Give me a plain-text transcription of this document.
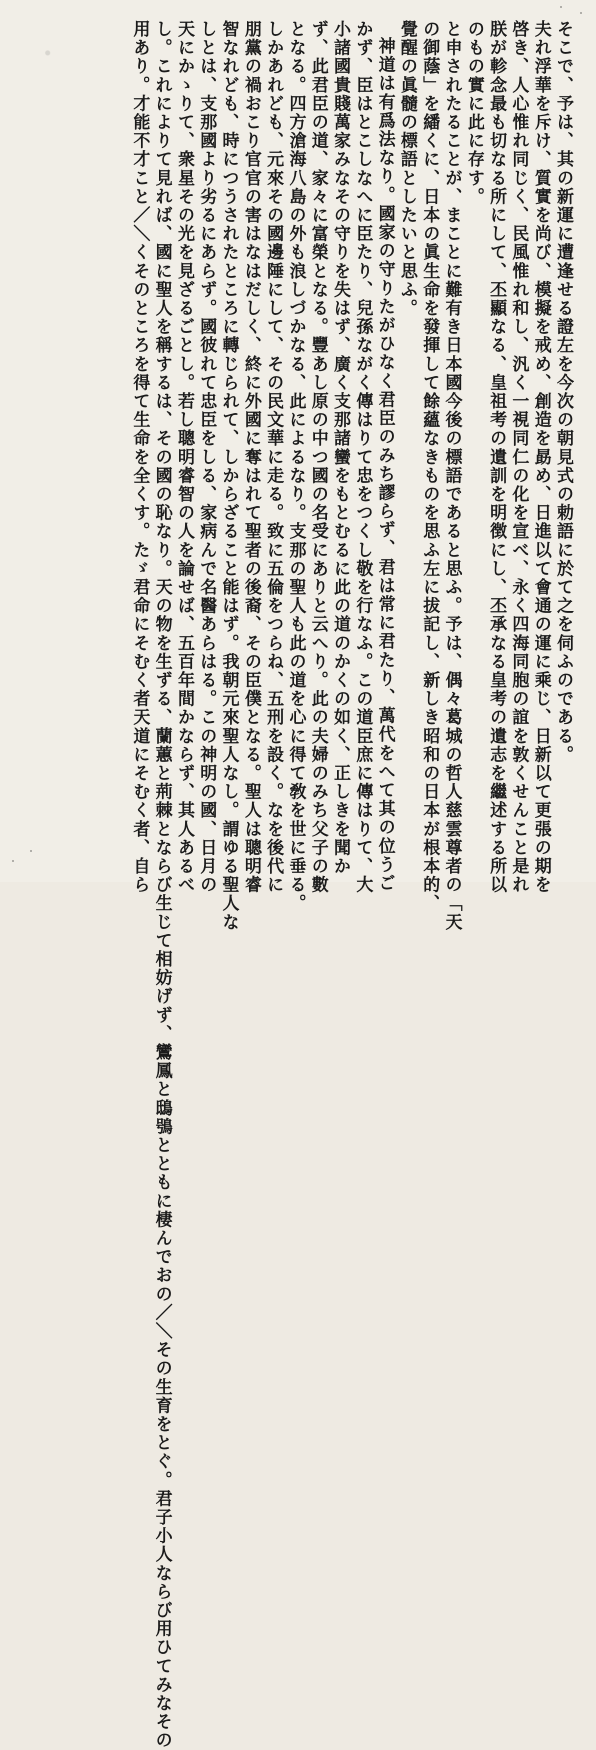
そこで、予は、其の新運に遭逢せる證左を今次の朝見式の勅語に於て之を伺ふのである。
夫れ浮華を斥け、質實を尚び、模擬を戒め、創造を勗め、日進以て會通の運に乘じ、日新以て更張の期を
啓き、人心惟れ同じく、民風惟れ和し、汎く一視同仁の化を宣べ、永く四海同胞の誼を敦くせんこと是れ
朕が軫念最も切なる所にして、丕顯なる、皇祖考の遺訓を明徴にし、丕承なる皇考の遺志を繼述する所以
のもの實に此に存す。
と申されたることが、まことに難有き日本國今後の標語であると思ふ。予は、偶々葛城の哲人慈雲尊者の「天
の御蔭」を繙くに、日本の眞生命を發揮して餘蘊なきものを思ふ左に拔記し、新しき昭和の日本が根本的、
覺醒の眞髓の標語としたいと思ふ。
神道は有爲法なり。國家の守りたがひなく君臣のみち謬らず、君は常に君たり、萬代をへて其の位うご
かず、臣はとこしなへに臣たり、兒孫ながく傳はりて忠をつくし敬を行なふ。この道臣庶に傳はりて、大
小諸國貴賤萬家みなその守りを失はず、廣く支那諸蠻をもとむるに此の道のかくの如く、正しきを聞か
ず、此君臣の道、家々に富榮となる。豐あし原の中つ國の名受にありと云へり。此の夫婦のみち父子の數
となる。四方滄海八島の外も浪しづかなる、此によるなり。支那の聖人も此の道を心に得て敎を世に垂る。
しかあれども、元來その國邊陲にして、その民文華に走る。致に五倫をつらね、五刑を設く。なを後代に
朋黨の禍おこり官官の害はなはだしく、終に外國に奪はれて聖者の後裔、その臣僕となる。聖人は聰明睿
智なれども、時につうされたところに轉じられて、しからざること能はず。我朝元來聖人なし。謂ゆる聖人な
しとは、支那國より劣るにあらず。國彼れて忠臣をしる、家病んで名醫あらはる。この神明の國、日月の
天にかゝりて、衆星その光を見ざるごとし。若し聰明睿智の人を論せば、五百年間かならず、其人あるべ
し。これによりて見れば、國に聖人を稱するは、その國の恥なり。天の物を生ずる、蘭蕙と荊棘とならび生じて相妨げず、鸞鳳と鴟鴞とともに棲んでおの／＼その生育をとぐ。君子小人ならび用ひてみなその
用あり。才能不才こと／＼くそのところを得て生命を全くす。たゞ君命にそむく者天道にそむく者、自ら
